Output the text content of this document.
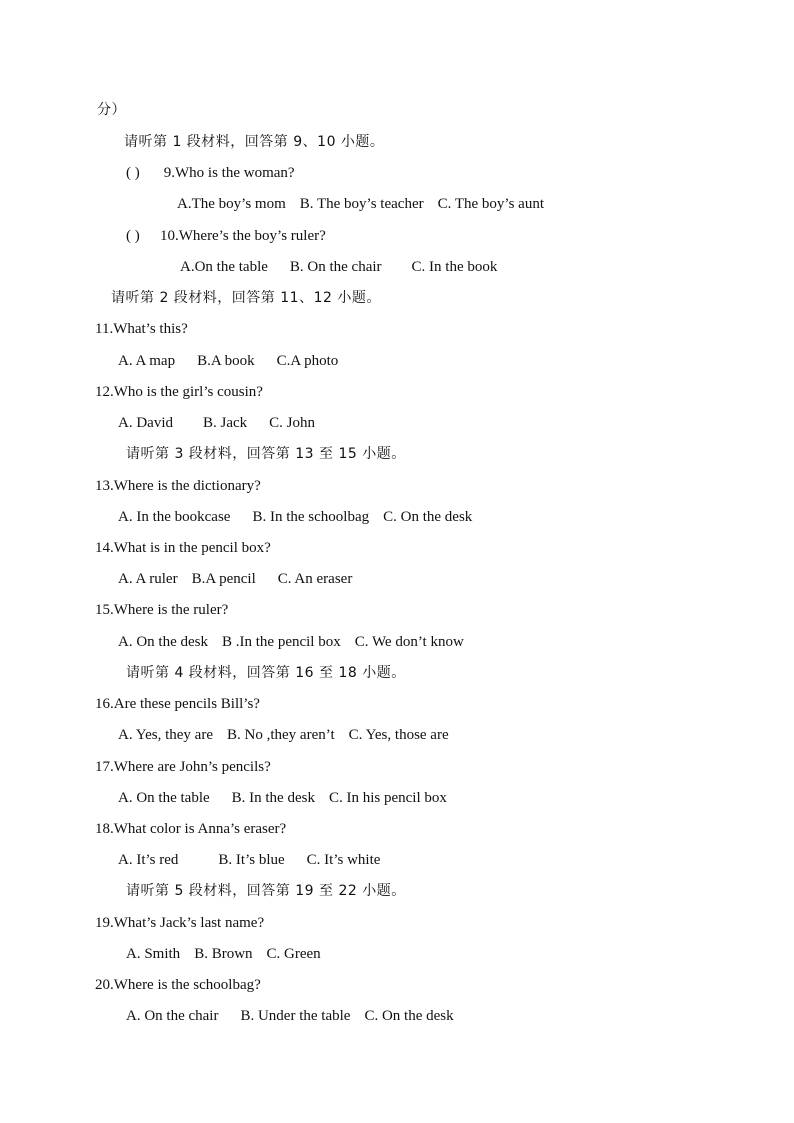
分）
请听第 1 段材料，回答第 9、10 小题。
( ) 9.Who is the woman?
A.The boy’s mom B. The boy’s teacher C. The boy’s aunt
( ) 10.Where’s the boy’s ruler?
A.On the table B. On the chair C. In the book
请听第 2 段材料，回答第 11、12 小题。
11.What’s this?
A. A map B.A book C.A photo
12.Who is the girl’s cousin?
A. David B. Jack C. John
请听第 3 段材料，回答第 13 至 15 小题。
13.Where is the dictionary?
A. In the bookcase B. In the schoolbag C. On the desk
14.What is in the pencil box?
A. A ruler B.A pencil C. An eraser
15.Where is the ruler?
A. On the desk B .In the pencil box C. We don’t know
请听第 4 段材料，回答第 16 至 18 小题。
16.Are these pencils Bill’s?
A. Yes, they are B. No ,they aren’t C. Yes, those are
17.Where are John’s pencils?
A. On the table B. In the desk C. In his pencil box
18.What color is Anna’s eraser?
A. It’s red	B. It’s blue C. It’s white
请听第 5 段材料，回答第 19 至 22 小题。
19.What’s Jack’s last name?
A. Smith B. Brown C. Green
20.Where is the schoolbag?
A. On the chair B. Under the table C. On the desk
